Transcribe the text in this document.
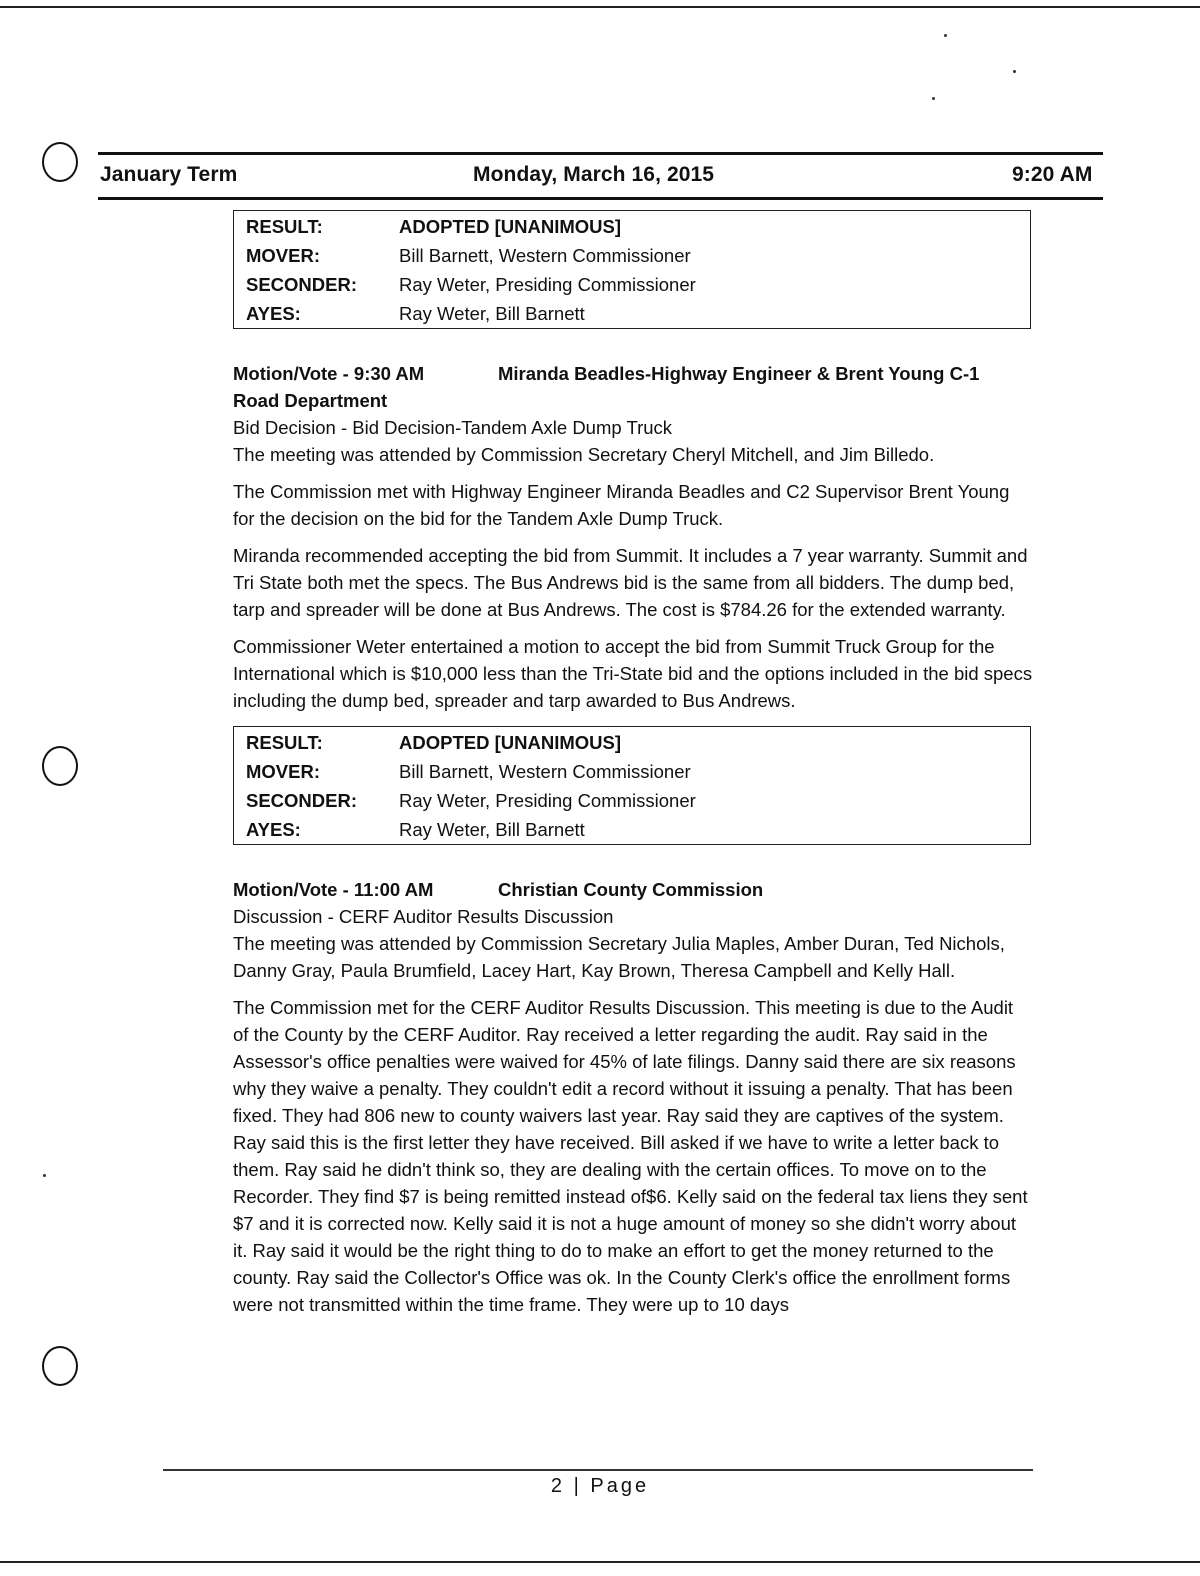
January Term	Monday, March 16, 2015	9:20 AM
RESULT:	ADOPTED [UNANIMOUS]
MOVER:	Bill Barnett, Western Commissioner
SECONDER:	Ray Weter, Presiding Commissioner
AYES:	Ray Weter, Bill Barnett
Motion/Vote - 9:30 AM	Miranda Beadles-Highway Engineer & Brent Young C-1

Road Department

Bid Decision - Bid Decision-Tandem Axle Dump Truck

The meeting was attended by Commission Secretary Cheryl Mitchell, and Jim Billedo.

The Commission met with Highway Engineer Miranda Beadles and C2 Supervisor Brent Young for the decision on the bid for the Tandem Axle Dump Truck.

Miranda recommended accepting the bid from Summit. It includes a 7 year warranty. Summit and Tri State both met the specs. The Bus Andrews bid is the same from all bidders. The dump bed, tarp and spreader will be done at Bus Andrews. The cost is $784.26 for the extended warranty.

Commissioner Weter entertained a motion to accept the bid from Summit Truck Group for the International which is $10,000 less than the Tri-State bid and the options included in the bid specs including the dump bed, spreader and tarp awarded to Bus Andrews.

RESULT:	ADOPTED [UNANIMOUS]
MOVER:	Bill Barnett, Western Commissioner
SECONDER:	Ray Weter, Presiding Commissioner
AYES:	Ray Weter, Bill Barnett
Motion/Vote - 11:00 AM	Christian County Commission

Discussion - CERF Auditor Results Discussion

The meeting was attended by Commission Secretary Julia Maples, Amber Duran, Ted Nichols, Danny Gray, Paula Brumfield, Lacey Hart, Kay Brown, Theresa Campbell and Kelly Hall.

The Commission met for the CERF Auditor Results Discussion. This meeting is due to the Audit of the County by the CERF Auditor. Ray received a letter regarding the audit. Ray said in the Assessor's office penalties were waived for 45% of late filings. Danny said there are six reasons why they waive a penalty. They couldn't edit a record without it issuing a penalty. That has been fixed. They had 806 new to county waivers last year. Ray said they are captives of the system. Ray said this is the first letter they have received. Bill asked if we have to write a letter back to them. Ray said he didn't think so, they are dealing with the certain offices. To move on to the Recorder. They find $7 is being remitted instead of$6. Kelly said on the federal tax liens they sent $7 and it is corrected now. Kelly said it is not a huge amount of money so she didn't worry about it. Ray said it would be the right thing to do to make an effort to get the money returned to the county. Ray said the Collector's Office was ok. In the County Clerk's office the enrollment forms were not transmitted within the time frame. They were up to 10 days

2 | Page
